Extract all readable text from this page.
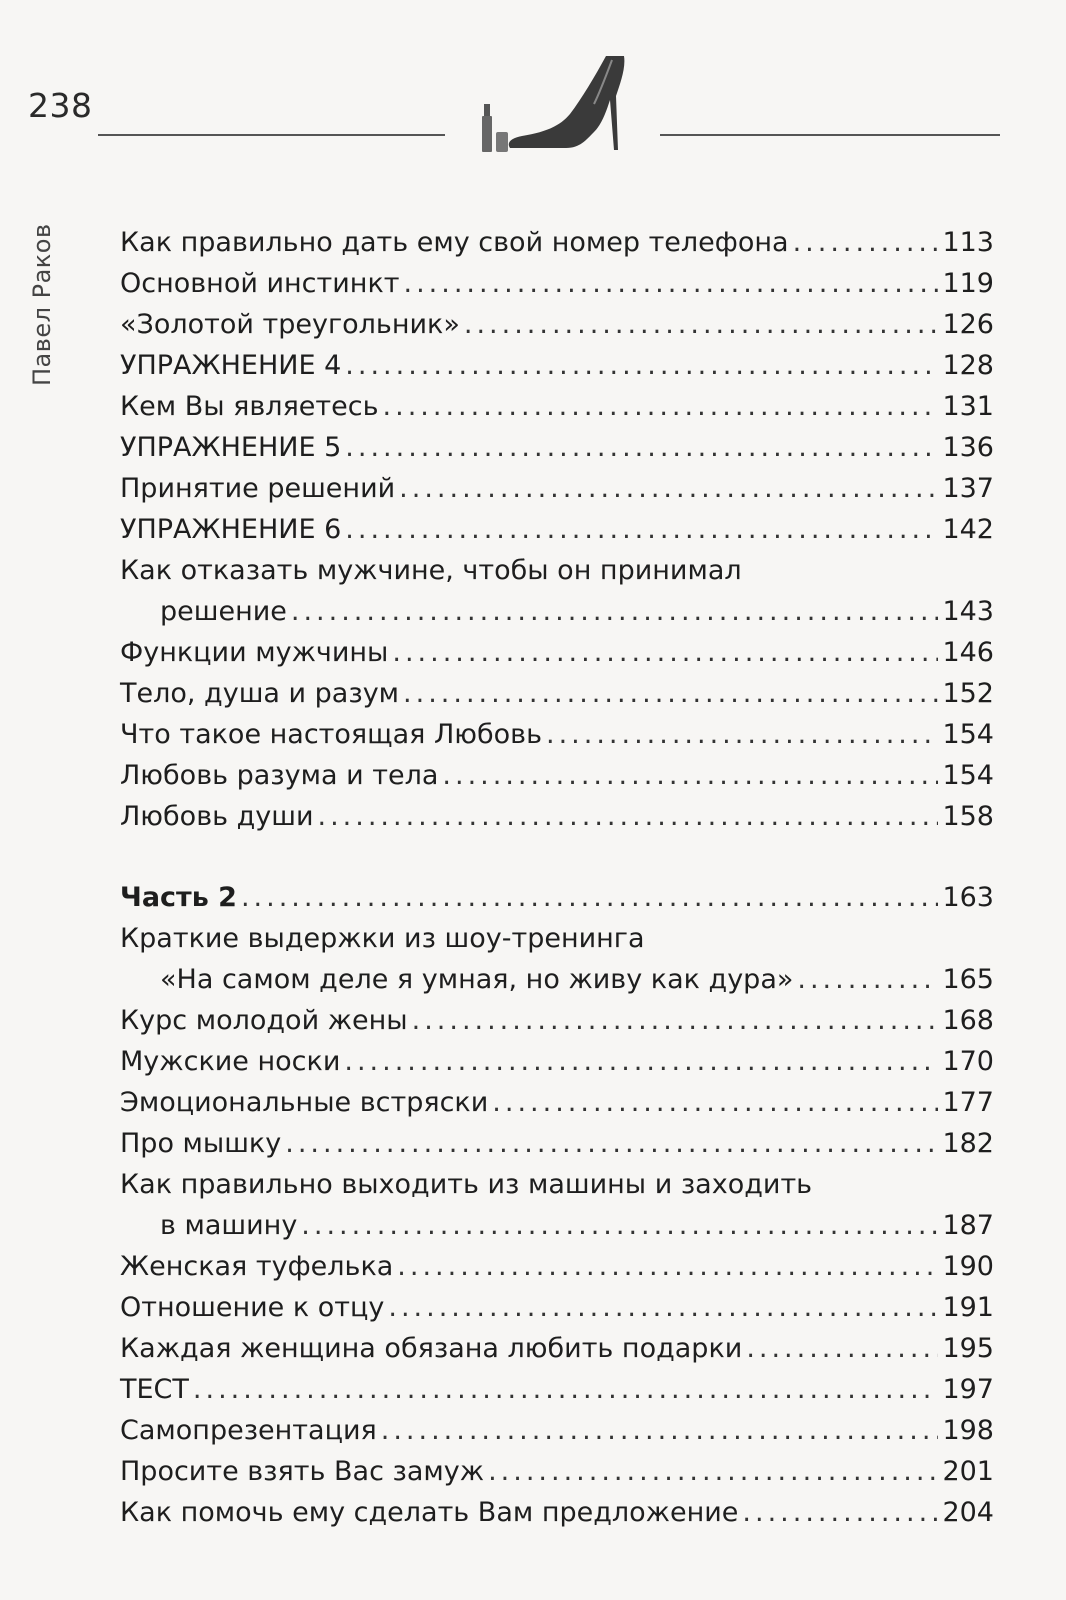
238
Павел Раков Как правильно дать ему свой номер телефона .....	113
Основной инстинкт .....	119
«Золотой треугольник» .....	126
УПРАЖНЕНИЕ 4 .....	128
Кем Вы являетесь .....	131
УПРАЖНЕНИЕ 5 .....	136
Принятие решений .....	137
УПРАЖНЕНИЕ 6 .....	142
Как отказать мужчине, чтобы он принимал
решение .....	143
Функции мужчины .....	146
Тело, душа и разум .....	152
Что такое настоящая Любовь .....	154
Любовь разума и тела .....	154
Любовь души .....	158
Часть 2 .....	163
Краткие выдержки из шоу-тренинга
«На самом деле я умная, но живу как дура» .....	165
Курс молодой жены .....	168
Мужские носки .....	170
Эмоциональные встряски .....	177
Про мышку .....	182
Как правильно выходить из машины и заходить
в машину .....	187
Женская туфелька .....	190
Отношение к отцу .....	191
Каждая женщина обязана любить подарки .....	195
ТЕСТ .....	197
Самопрезентация .....	198
Просите взять Вас замуж .....	201
Как помочь ему сделать Вам предложение .....	204
